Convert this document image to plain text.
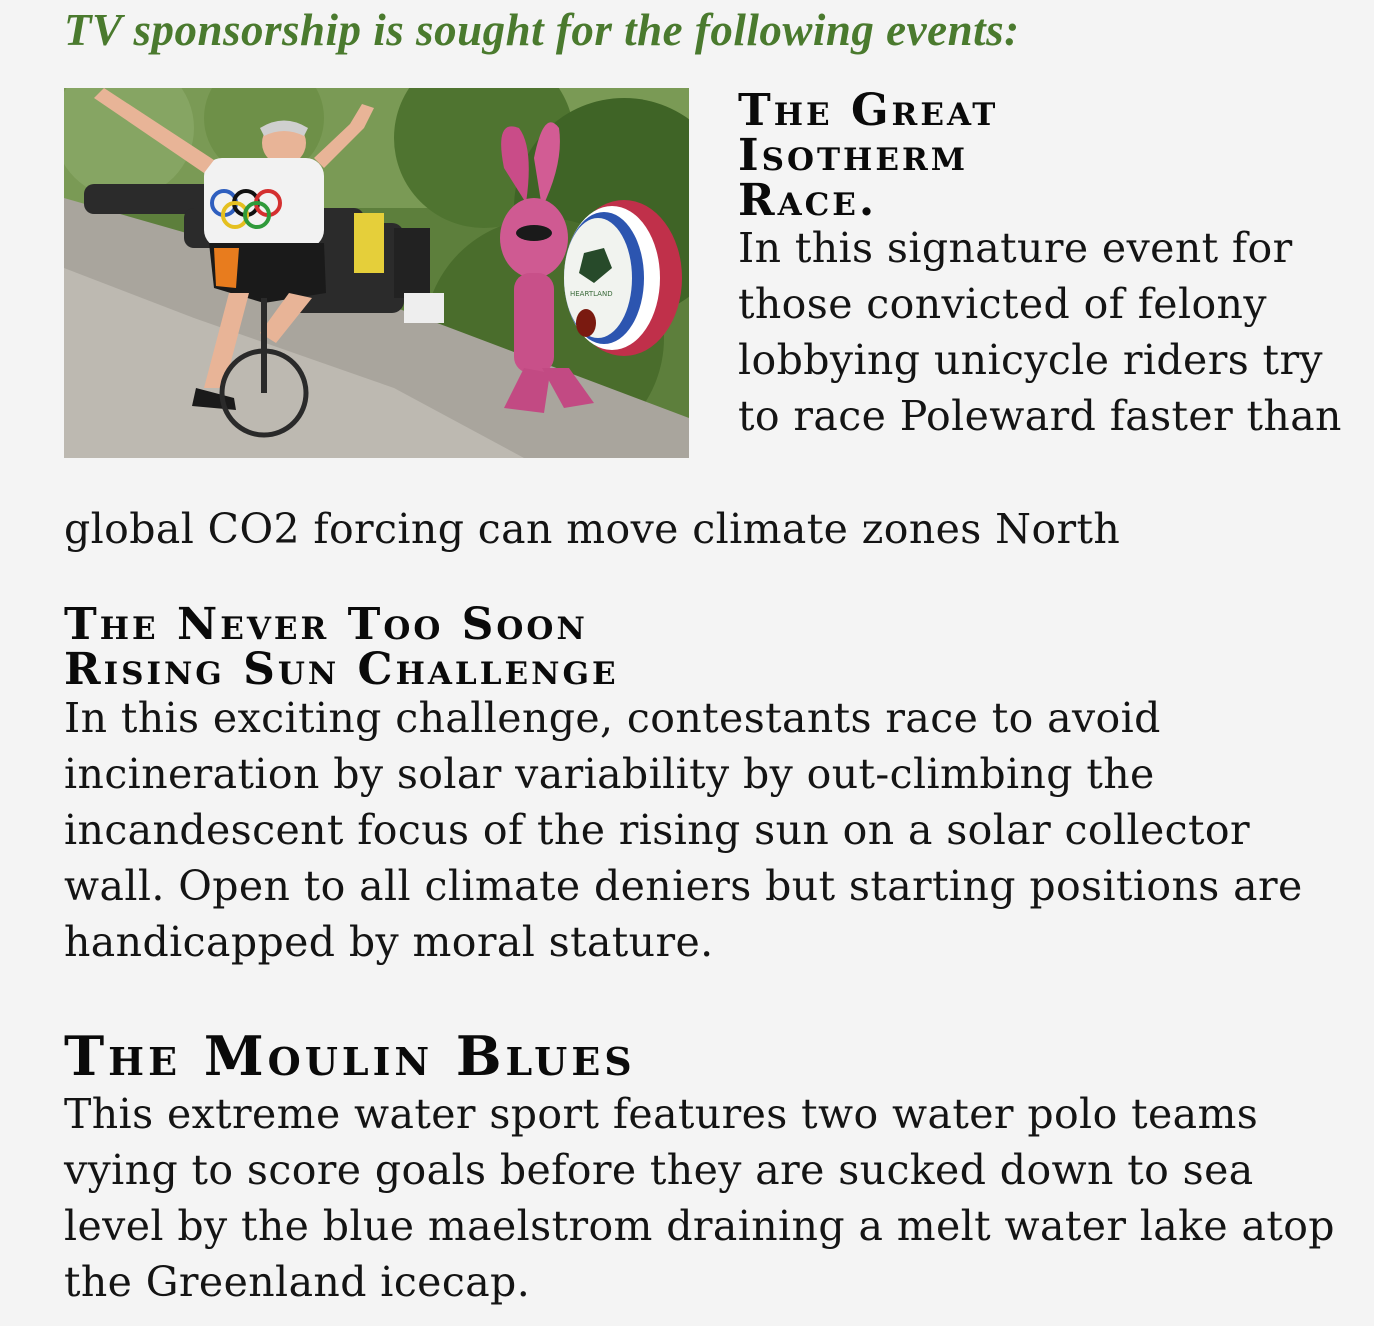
TV sponsorship is sought for the following events:
HEARTLAND
The Great
Isotherm
Race.

In this signature event for those convicted of felony lobbying unicycle riders try to race Poleward faster than

global CO2 forcing can move climate zones North

The Never Too Soon
Rising Sun Challenge

In this exciting challenge, contestants race to avoid incineration by solar variability by out-climbing the incandescent focus of the rising sun on a solar collector wall. Open to all climate deniers but starting positions are handicapped by moral stature.

The Moulin Blues

This extreme water sport features two water polo teams vying to score goals before they are sucked down to sea level by the blue maelstrom draining a melt water lake atop the Greenland icecap.
